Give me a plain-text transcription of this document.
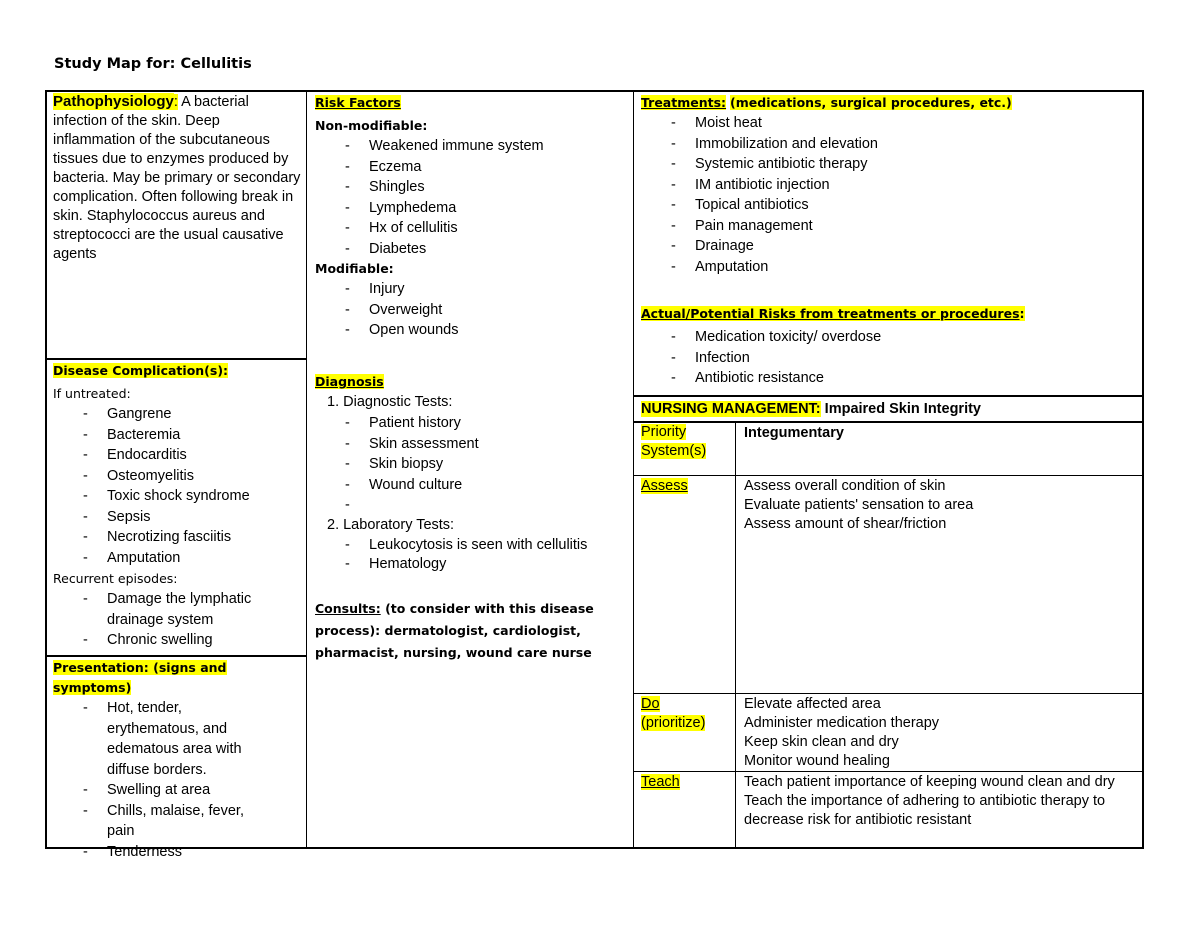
Study Map for: Cellulitis
Pathophysiology: A bacterial infection of the skin. Deep inflammation of the subcutaneous tissues due to enzymes produced by bacteria. May be primary or secondary complication. Often following break in skin. Staphylococcus aureus and streptococci are the usual causative agents
Disease Complication(s):
If untreated:
- Gangrene
- Bacteremia
- Endocarditis
- Osteomyelitis
- Toxic shock syndrome
- Sepsis
- Necrotizing fasciitis
- Amputation
Recurrent episodes:
- Damage the lymphatic drainage system
- Chronic swelling
Presentation: (signs and symptoms)
- Hot, tender, erythematous, and edematous area with diffuse borders.
- Swelling at area
- Chills, malaise, fever, pain
- Tenderness
Risk Factors
Non-modifiable:
- Weakened immune system
- Eczema
- Shingles
- Lymphedema
- Hx of cellulitis
- Diabetes
Modifiable:
- Injury
- Overweight
- Open wounds
Diagnosis
1. Diagnostic Tests:
- Patient history
- Skin assessment
- Skin biopsy
- Wound culture
-
2. Laboratory Tests:
- Leukocytosis is seen with cellulitis
- Hematology
Consults: (to consider with this disease process): dermatologist, cardiologist, pharmacist, nursing, wound care nurse
Treatments: (medications, surgical procedures, etc.)
- Moist heat
- Immobilization and elevation
- Systemic antibiotic therapy
- IM antibiotic injection
- Topical antibiotics
- Pain management
- Drainage
- Amputation
Actual/Potential Risks from treatments or procedures:
- Medication toxicity/ overdose
- Infection
- Antibiotic resistance
NURSING MANAGEMENT: Impaired Skin Integrity
Priority System(s)
Integumentary
Assess	Assess overall condition of skin
Evaluate patients' sensation to area
Assess amount of shear/friction
Do
(prioritize)
Elevate affected area
Administer medication therapy
Keep skin clean and dry
Monitor wound healing
Teach	Teach patient importance of keeping wound clean and dry
Teach the importance of adhering to antibiotic therapy to decrease risk for antibiotic resistant
